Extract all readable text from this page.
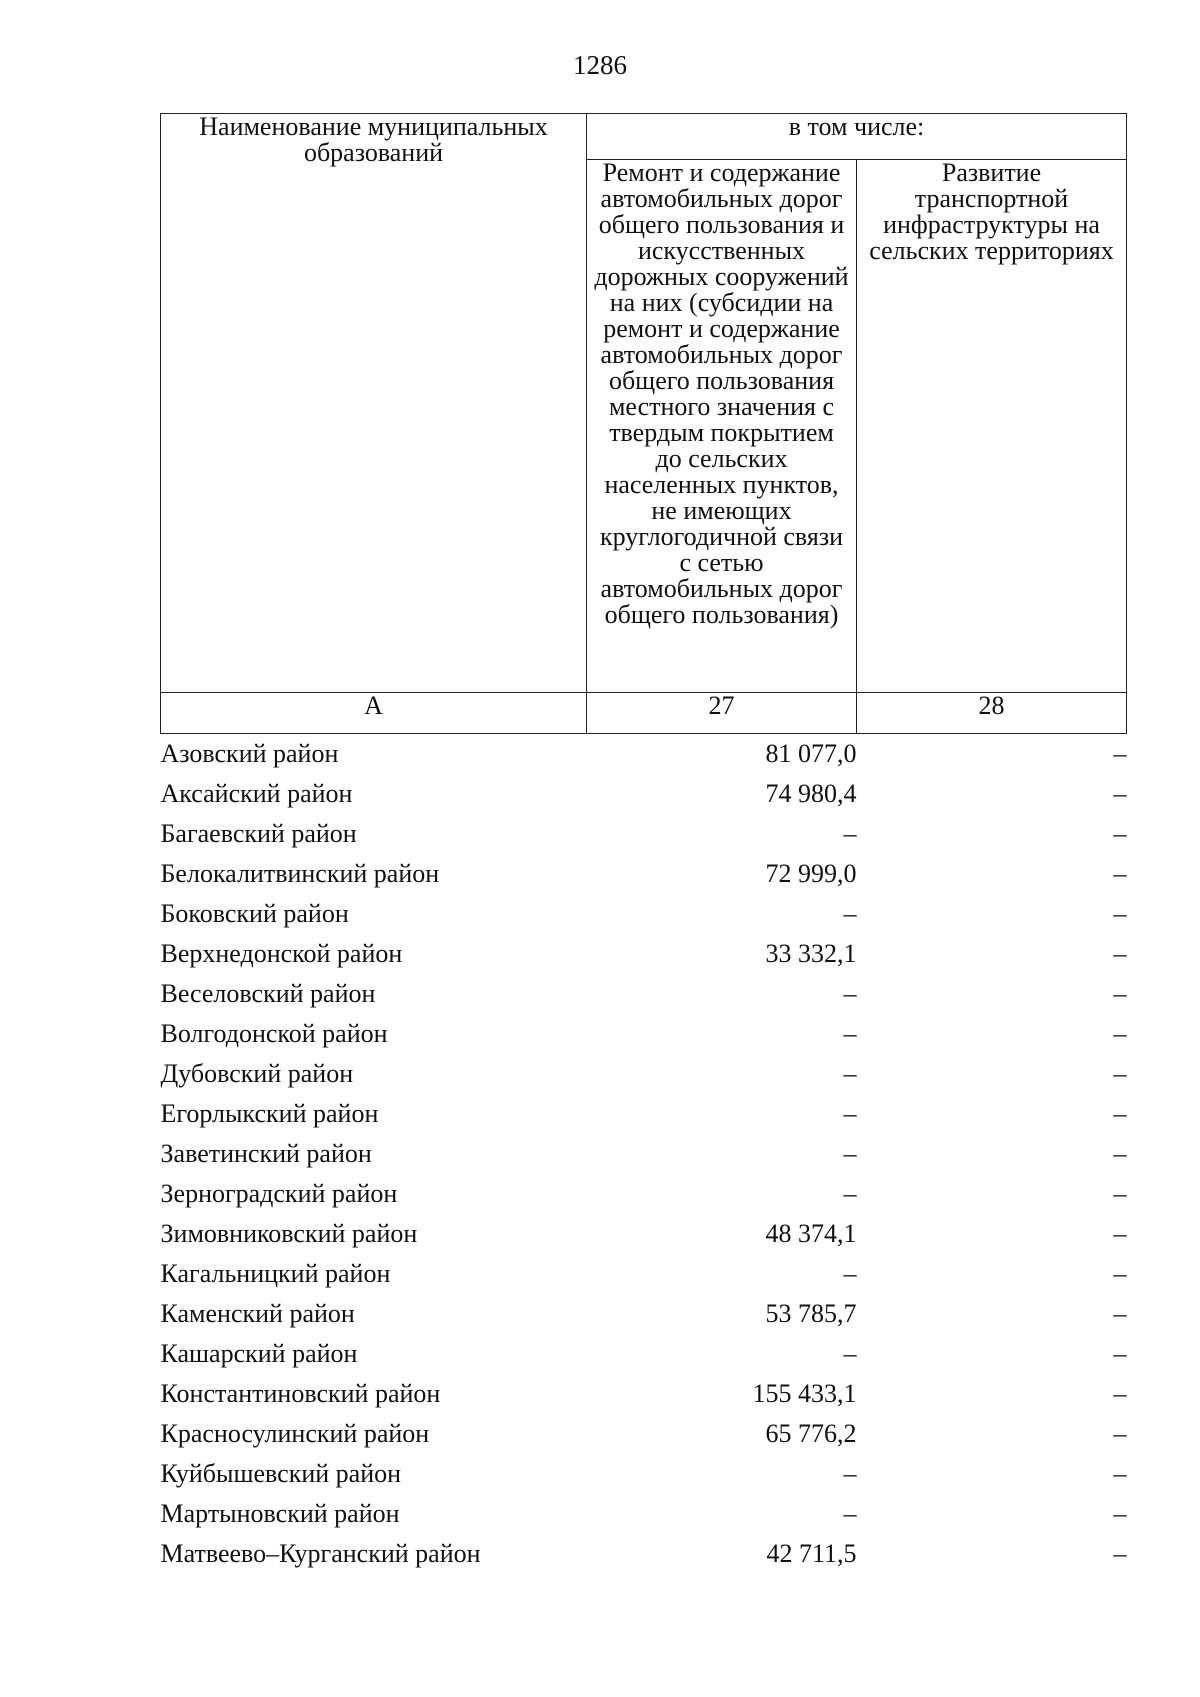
1286
Наименование муниципальных образований	в том числе:	
	Ремонт и содержание автомобильных дорог общего пользования и искусственных дорожных сооружений на них (субсидии на ремонт и содержание автомобильных дорог общего пользования местного значения с твердым покрытием до сельских населенных пунктов, не имеющих круглогодичной связи с сетью автомобильных дорог общего пользования)	Развитие транспортной инфраструктуры на сельских территориях
А	27	28
Азовский район	81 077,0	–
Аксайский район	74 980,4	–
Багаевский район	–	–
Белокалитвинский район	72 999,0	–
Боковский район	–	–
Верхнедонской район	33 332,1	–
Веселовский район	–	–
Волгодонской район	–	–
Дубовский район	–	–
Егорлыкский район	–	–
Заветинский район	–	–
Зерноградский район	–	–
Зимовниковский район	48 374,1	–
Кагальницкий район	–	–
Каменский район	53 785,7	–
Кашарский район	–	–
Константиновский район	155 433,1	–
Красносулинский район	65 776,2	–
Куйбышевский район	–	–
Мартыновский район	–	–
Матвеево–Курганский район	42 711,5	–
